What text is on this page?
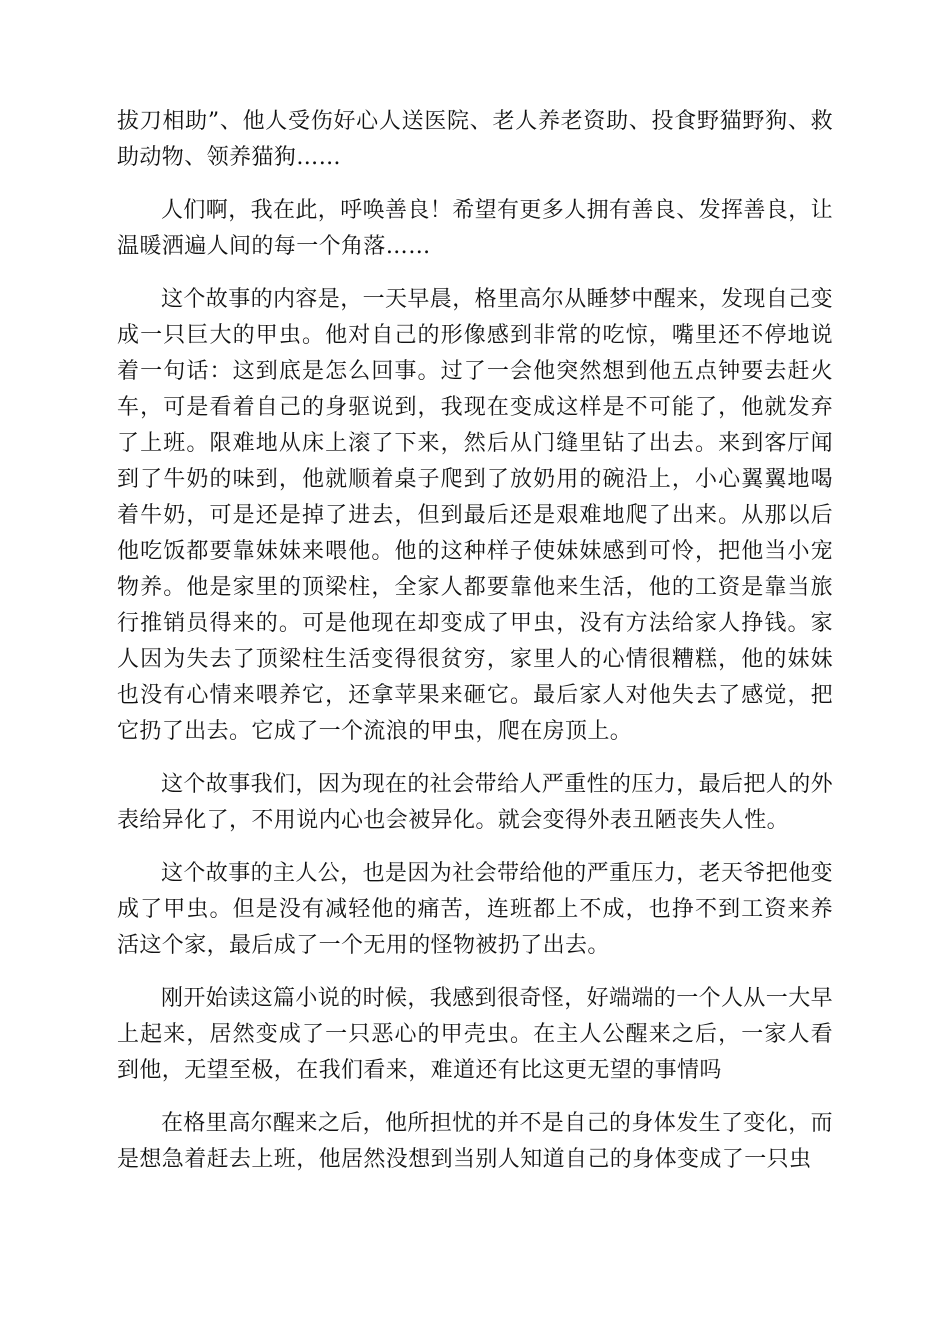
拔刀相助”、他人受伤好心人送医院、老人养老资助、投食野猫野狗、救助动物、领养猫狗……

人们啊，我在此，呼唤善良！希望有更多人拥有善良、发挥善良，让温暖洒遍人间的每一个角落……

这个故事的内容是，一天早晨，格里高尔从睡梦中醒来，发现自己变成一只巨大的甲虫。他对自己的形像感到非常的吃惊，嘴里还不停地说着一句话：这到底是怎么回事。过了一会他突然想到他五点钟要去赶火车，可是看着自己的身驱说到，我现在变成这样是不可能了，他就发弃了上班。限难地从床上滚了下来，然后从门缝里钻了出去。来到客厅闻到了牛奶的味到，他就顺着桌子爬到了放奶用的碗沿上，小心翼翼地喝着牛奶，可是还是掉了进去，但到最后还是艰难地爬了出来。从那以后他吃饭都要靠妹妹来喂他。他的这种样子使妹妹感到可怜，把他当小宠物养。他是家里的顶梁柱，全家人都要靠他来生活，他的工资是靠当旅行推销员得来的。可是他现在却变成了甲虫，没有方法给家人挣钱。家人因为失去了顶梁柱生活变得很贫穷，家里人的心情很糟糕，他的妹妹也没有心情来喂养它，还拿苹果来砸它。最后家人对他失去了感觉，把它扔了出去。它成了一个流浪的甲虫，爬在房顶上。

这个故事我们，因为现在的社会带给人严重性的压力，最后把人的外表给异化了，不用说内心也会被异化。就会变得外表丑陋丧失人性。

这个故事的主人公，也是因为社会带给他的严重压力，老天爷把他变成了甲虫。但是没有减轻他的痛苦，连班都上不成，也挣不到工资来养活这个家，最后成了一个无用的怪物被扔了出去。

刚开始读这篇小说的时候，我感到很奇怪，好端端的一个人从一大早上起来，居然变成了一只恶心的甲壳虫。在主人公醒来之后，一家人看到他，无望至极，在我们看来，难道还有比这更无望的事情吗

在格里高尔醒来之后，他所担忧的并不是自己的身体发生了变化，而是想急着赶去上班，他居然没想到当别人知道自己的身体变成了一只虫
